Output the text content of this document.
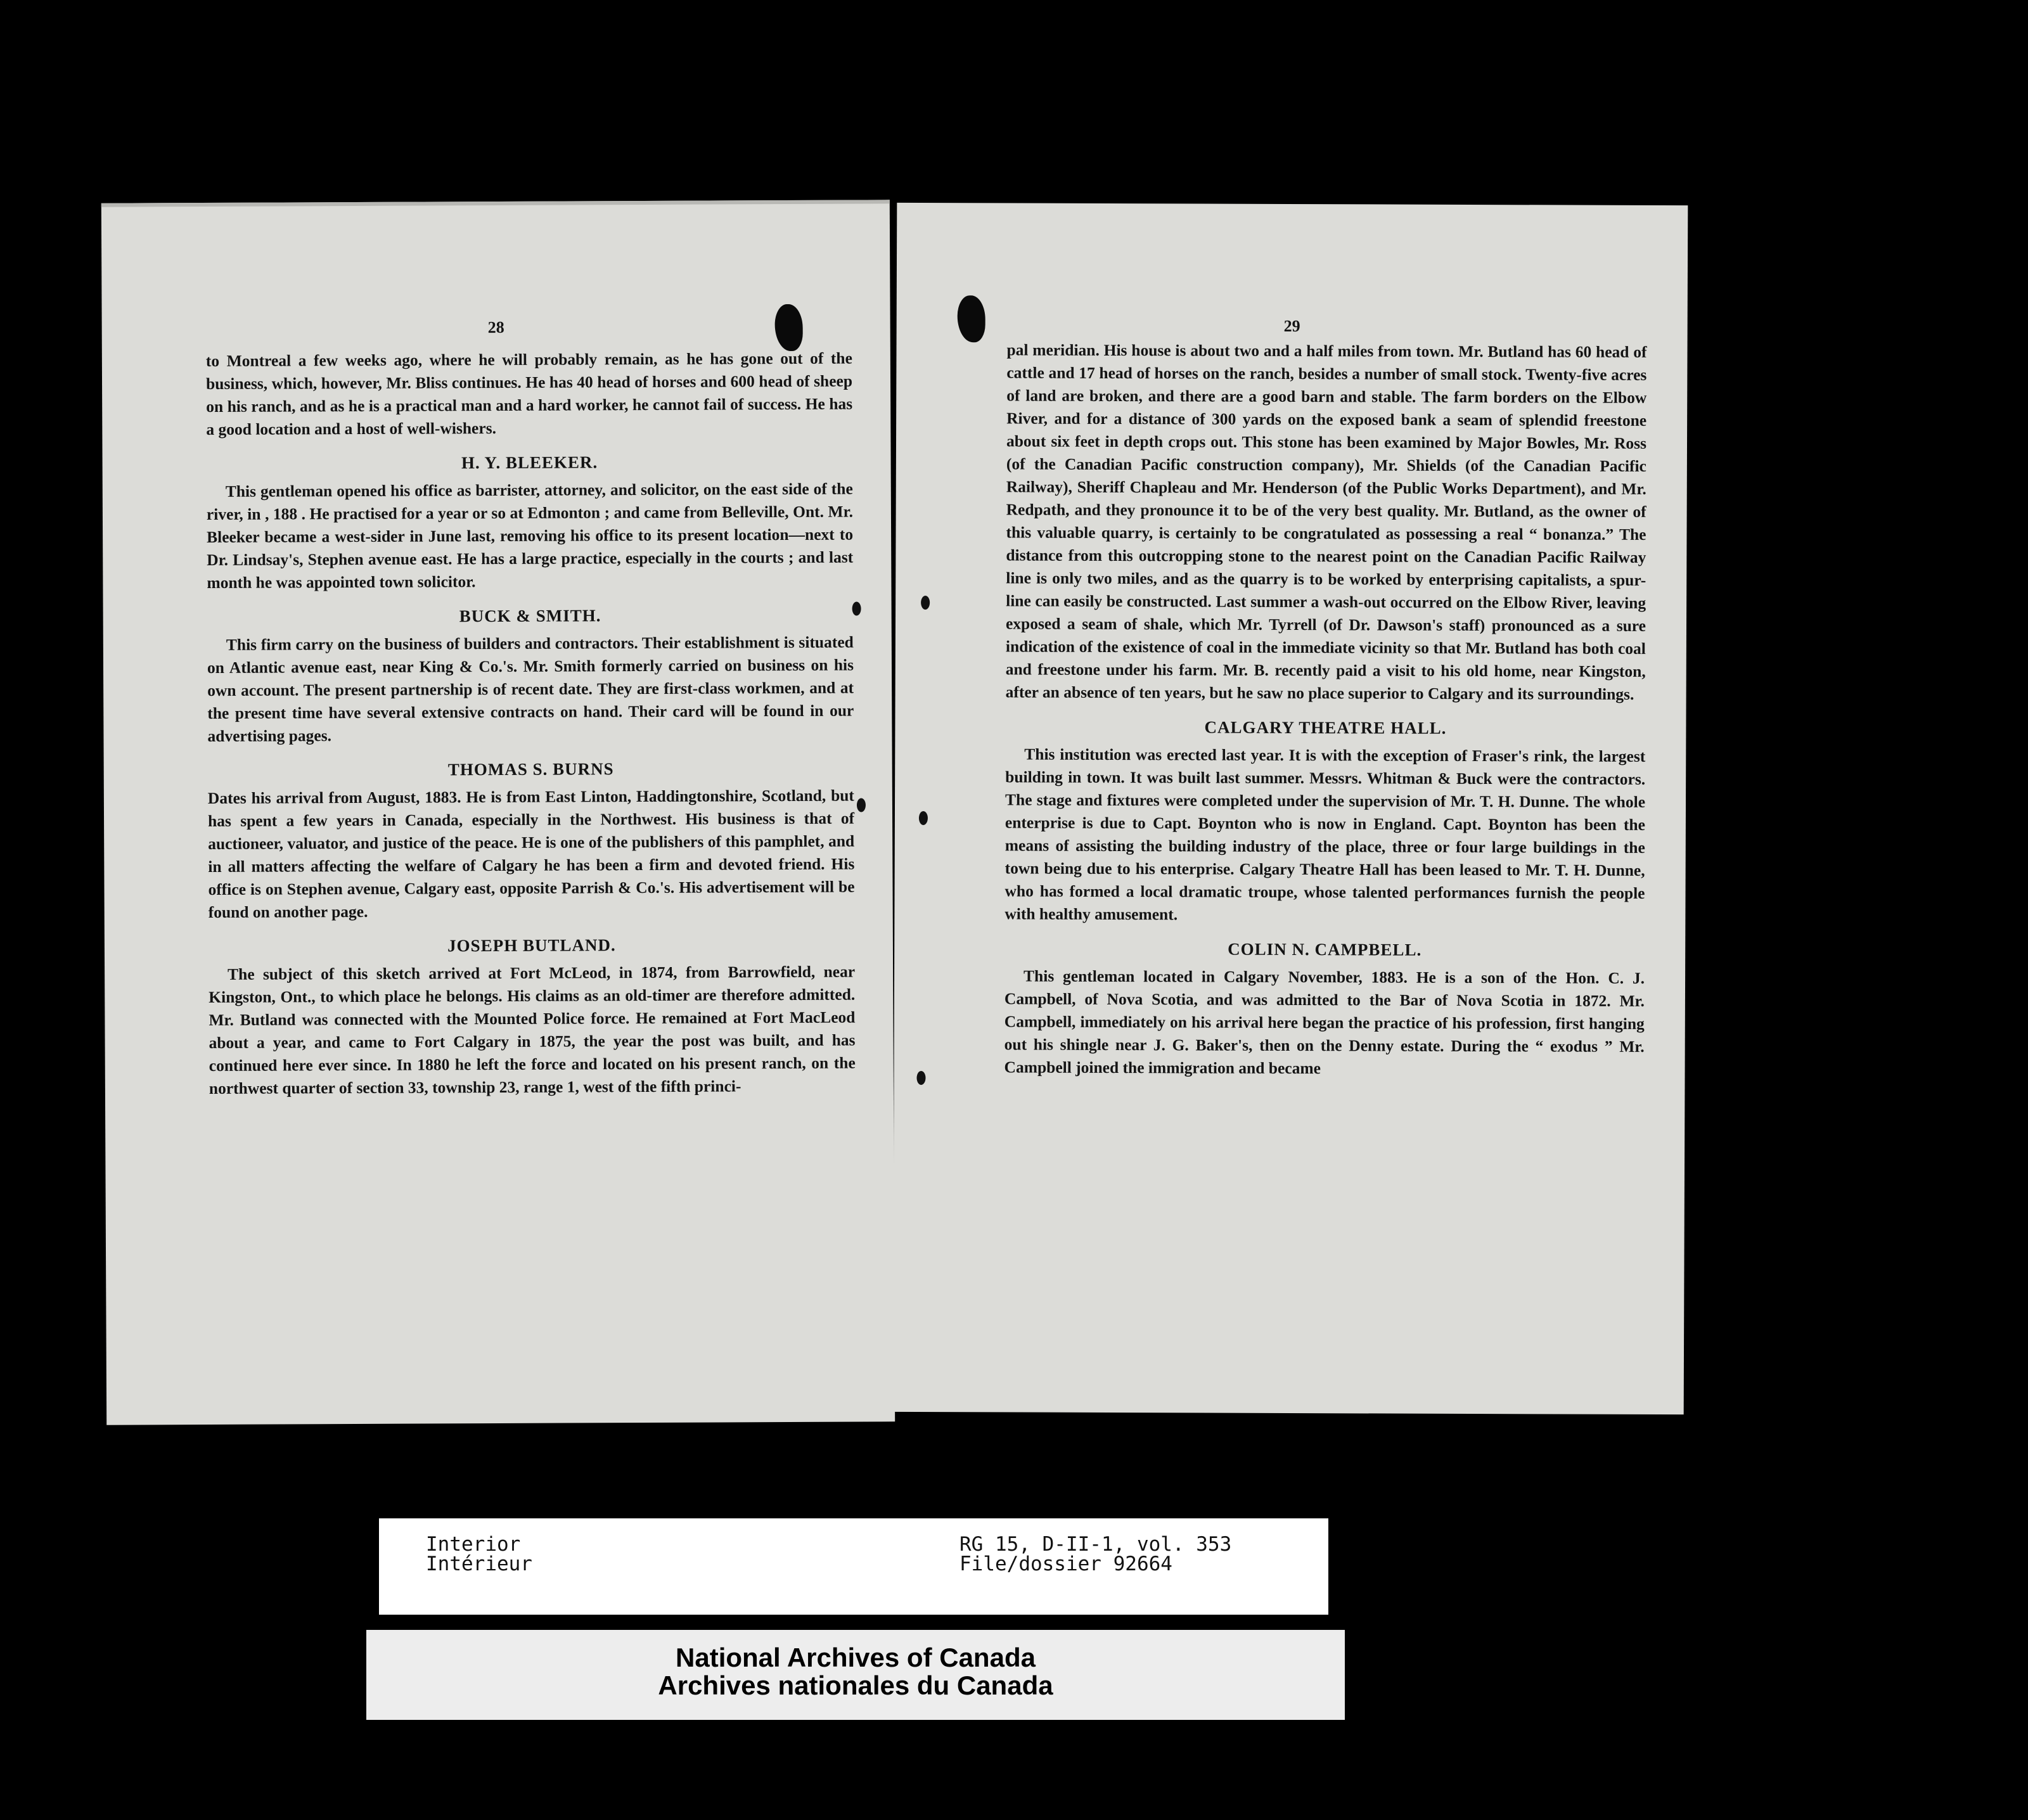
28

to Montreal a few weeks ago, where he will probably remain, as he has gone out of the business, which, however, Mr. Bliss continues. He has 40 head of horses and 600 head of sheep on his ranch, and as he is a practical man and a hard worker, he cannot fail of success. He has a good location and a host of well-wishers.

H. Y. BLEEKER.

This gentleman opened his office as barrister, attorney, and solicitor, on the east side of the river, in , 188 . He practised for a year or so at Edmonton ; and came from Belleville, Ont. Mr. Bleeker became a west-sider in June last, removing his office to its present location—next to Dr. Lindsay's, Stephen avenue east. He has a large practice, especially in the courts ; and last month he was appointed town solicitor.

BUCK & SMITH.

This firm carry on the business of builders and contractors. Their establishment is situated on Atlantic avenue east, near King & Co.'s. Mr. Smith formerly carried on business on his own account. The present partnership is of recent date. They are first-class workmen, and at the present time have several extensive contracts on hand. Their card will be found in our advertising pages.

THOMAS S. BURNS

Dates his arrival from August, 1883. He is from East Linton, Haddingtonshire, Scotland, but has spent a few years in Canada, especially in the Northwest. His business is that of auctioneer, valuator, and justice of the peace. He is one of the publishers of this pamphlet, and in all matters affecting the welfare of Calgary he has been a firm and devoted friend. His office is on Stephen avenue, Calgary east, opposite Parrish & Co.'s. His advertisement will be found on another page.

JOSEPH BUTLAND.

The subject of this sketch arrived at Fort McLeod, in 1874, from Barrowfield, near Kingston, Ont., to which place he belongs. His claims as an old-timer are therefore admitted. Mr. Butland was connected with the Mounted Police force. He remained at Fort MacLeod about a year, and came to Fort Calgary in 1875, the year the post was built, and has continued here ever since. In 1880 he left the force and located on his present ranch, on the northwest quarter of section 33, township 23, range 1, west of the fifth princi-

29

pal meridian. His house is about two and a half miles from town. Mr. Butland has 60 head of cattle and 17 head of horses on the ranch, besides a number of small stock. Twenty-five acres of land are broken, and there are a good barn and stable. The farm borders on the Elbow River, and for a distance of 300 yards on the exposed bank a seam of splendid freestone about six feet in depth crops out. This stone has been examined by Major Bowles, Mr. Ross (of the Canadian Pacific construction company), Mr. Shields (of the Canadian Pacific Railway), Sheriff Chapleau and Mr. Henderson (of the Public Works Department), and Mr. Redpath, and they pronounce it to be of the very best quality. Mr. Butland, as the owner of this valuable quarry, is certainly to be congratulated as possessing a real “ bonanza.” The distance from this outcropping stone to the nearest point on the Canadian Pacific Railway line is only two miles, and as the quarry is to be worked by enterprising capitalists, a spur-line can easily be constructed. Last summer a wash-out occurred on the Elbow River, leaving exposed a seam of shale, which Mr. Tyrrell (of Dr. Dawson's staff) pronounced as a sure indication of the existence of coal in the immediate vicinity so that Mr. Butland has both coal and freestone under his farm. Mr. B. recently paid a visit to his old home, near Kingston, after an absence of ten years, but he saw no place superior to Calgary and its surroundings.

CALGARY THEATRE HALL.

This institution was erected last year. It is with the exception of Fraser's rink, the largest building in town. It was built last summer. Messrs. Whitman & Buck were the contractors. The stage and fixtures were completed under the supervision of Mr. T. H. Dunne. The whole enterprise is due to Capt. Boynton who is now in England. Capt. Boynton has been the means of assisting the building industry of the place, three or four large buildings in the town being due to his enterprise. Calgary Theatre Hall has been leased to Mr. T. H. Dunne, who has formed a local dramatic troupe, whose talented performances furnish the people with healthy amusement.

COLIN N. CAMPBELL.

This gentleman located in Calgary November, 1883. He is a son of the Hon. C. J. Campbell, of Nova Scotia, and was admitted to the Bar of Nova Scotia in 1872. Mr. Campbell, immediately on his arrival here began the practice of his profession, first hanging out his shingle near J. G. Baker's, then on the Denny estate. During the “ exodus ” Mr. Campbell joined the immigration and became

Interior
Intérieur
RG 15, D-II-1, vol. 353
File/dossier 92664
National Archives of Canada
Archives nationales du Canada
